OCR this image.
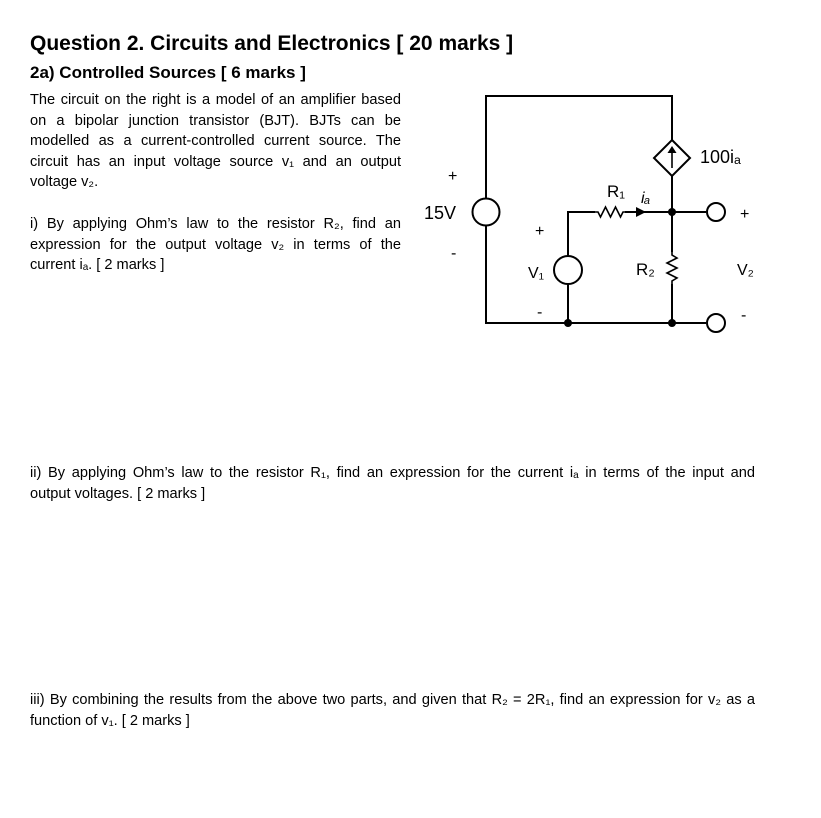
Question 2. Circuits and Electronics [ 20 marks ]
2a) Controlled Sources [ 6 marks ]
The circuit on the right is a model of an amplifier based
on a bipolar junction transistor (BJT). BJTs can be
modelled as a current-controlled current source. The
circuit has an input voltage source v₁ and an output
voltage v₂.
i) By applying Ohm’s law to the resistor R₂, find an
expression for the output voltage v₂ in terms of the
current iₐ. [ 2 marks ]
ii) By applying Ohm’s law to the resistor R₁, find an expression for the current iₐ in terms of the input and
output voltages. [ 2 marks ]
iii) By combining the results from the above two parts, and given that R₂ = 2R₁, find an expression for v₂ as a
function of v₁. [ 2 marks ]
+
15V
-
+
V₁
-
R₁ iₐ
R₂
100iₐ
+
V₂
-
